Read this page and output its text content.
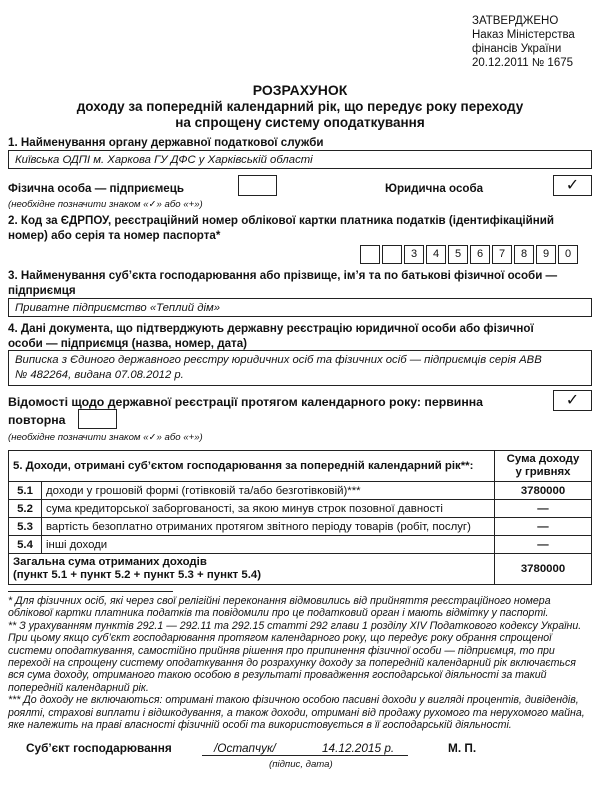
ЗАТВЕРДЖЕНО
Наказ Міністерства
фінансів України
20.12.2011 № 1675
РОЗРАХУНОК
доходу за попередній календарний рік, що передує року переходу
на спрощену систему оподаткування
1. Найменування органу державної податкової служби
Київська ОДПІ м. Харкова ГУ ДФС у Харківській області
Фізична особа — підприємець	Юридична особа	✓
(необхідне позначити знаком «✓» або «+»)
2. Код за ЄДРПОУ, реєстраційний номер облікової картки платника податків (ідентифікаційний
номер) або серія та номер паспорта*
3	4	5	6	7	8	9	0
3. Найменування суб’єкта господарювання або прізвище, ім’я та по батькові фізичної особи —
підприємця
Приватне підприємство «Теплий дім»
4. Дані документа, що підтверджують державну реєстрацію юридичної особи або фізичної
особи — підприємця (назва, номер, дата)
Виписка з Єдиного державного реєстру юридичних осіб та фізичних осіб — підприємців серія АВВ
№ 482264, видана 07.08.2012 р.
Відомості щодо державної реєстрації протягом календарного року: первинна	✓
повторна
(необхідне позначити знаком «✓» або «+»)
5. Доходи, отримані суб’єктом господарювання за попередній календарний рік**:		Сума доходу
у гривнях

5.1	доходи у грошовій формі (готівковій та/або безготівковій)***	3780000
5.2	сума кредиторської заборгованості, за якою минув строк позовної давності	—
5.3	вартість безоплатно отриманих протягом звітного періоду товарів (робіт, послуг)	—
5.4	інші доходи	—

Загальна сума отриманих доходів
(пункт 5.1 + пункт 5.2 + пункт 5.3 + пункт 5.4)		3780000

* Для фізичних осіб, які через свої релігійні переконання відмовились від прийняття реєстраційного номера облікової картки платника податків та повідомили про це податковий орган і мають відмітку у паспорті.

** З урахуванням пунктів 292.1 — 292.11 та 292.15 статті 292 глави 1 розділу XIV Податкового кодексу України. При цьому якщо суб’єкт господарювання протягом календарного року, що передує року обрання спрощеної системи оподаткування, самостійно прийняв рішення про припинення фізичної особи — підприємця, то при переході на спрощену систему оподаткування до розрахунку доходу за попередній календарний рік включається вся сума доходу, отриманого такою особою в результаті провадження господарської діяльності за такий попередній календарний рік.

*** До доходу не включаються: отримані такою фізичною особою пасивні доходи у вигляді процентів, дивідендів, роялті, страхові виплати і відшкодування, а також доходи, отримані від продажу рухомого та нерухомого майна, яке належить на праві власності фізичній особі та використовується в її господарській діяльності.

Суб’єкт господарювання	/Остапчук/	14.12.2015 р.	М. П.
(підпис, дата)
